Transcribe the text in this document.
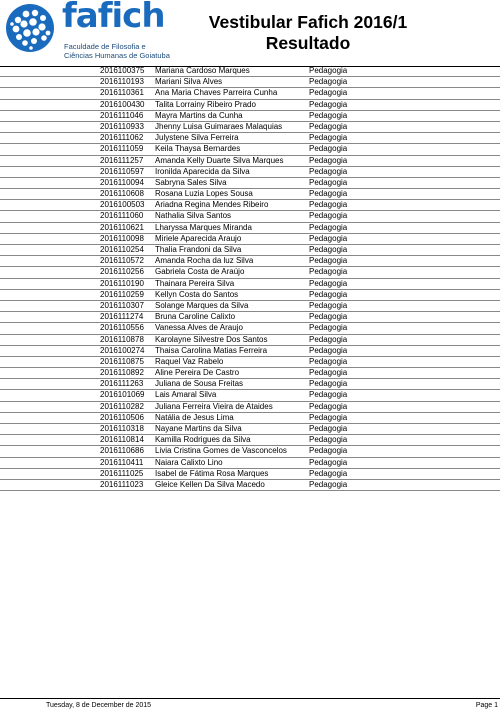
fafich
Faculdade de Filosofia e
Ciências Humanas de Goiatuba
Vestibular Fafich 2016/1
Resultado
2016100375	Mariana Cardoso Marques	Pedagogia
2016110193	Mariani Silva Alves	Pedagogia
2016110361	Ana Maria Chaves Parreira Cunha	Pedagogia
2016100430	Talita Lorrainy Ribeiro Prado	Pedagogia
2016111046	Mayra Martins da Cunha	Pedagogia
2016110933	Jhenny Luisa Guimaraes Malaquias	Pedagogia
2016111062	Julystene Silva Ferreira	Pedagogia
2016111059	Keila Thaysa Bernardes	Pedagogia
2016111257	Amanda Kelly Duarte Silva Marques	Pedagogia
2016110597	Ironilda Aparecida da Silva	Pedagogia
2016110094	Sabryna Sales Silva	Pedagogia
2016110608	Rosana Luzia Lopes Sousa	Pedagogia
2016100503	Ariadna Regina Mendes Ribeiro	Pedagogia
2016111060	Nathalia Silva Santos	Pedagogia
2016110621	Lharyssa Marques Miranda	Pedagogia
2016110098	Miriele Aparecida Araujo	Pedagogia
2016110254	Thalia Frandoni da Silva	Pedagogia
2016110572	Amanda Rocha da luz Silva	Pedagogia
2016110256	Gabriela Costa de Araújo	Pedagogia
2016110190	Thainara Pereira Silva	Pedagogia
2016110259	Kellyn Costa do Santos	Pedagogia
2016110307	Solange Marques da Silva	Pedagogia
2016111274	Bruna Caroline Calixto	Pedagogia
2016110556	Vanessa Alves de Araujo	Pedagogia
2016110878	Karolayne Silvestre Dos Santos	Pedagogia
2016100274	Thaisa Carolina Matias Ferreira	Pedagogia
2016110875	Raquel Vaz Rabelo	Pedagogia
2016110892	Aline Pereira De Castro	Pedagogia
2016111263	Juliana de Sousa Freitas	Pedagogia
2016101069	Lais Amaral Silva	Pedagogia
2016110282	Juliana Ferreira Vieira de Ataides	Pedagogia
2016110506	Natália de Jesus Lima	Pedagogia
2016110318	Nayane Martins da Silva	Pedagogia
2016110814	Kamilla Rodrigues da Silva	Pedagogia
2016110686	Livia Cristina Gomes de Vasconcelos	Pedagogia
2016110411	Naiara Calixto Lino	Pedagogia
2016111025	Isabel de Fátima Rosa Marques	Pedagogia
2016111023	Gleice Kellen Da Silva Macedo	Pedagogia
Tuesday, 8 de December de 2015	Page 1
